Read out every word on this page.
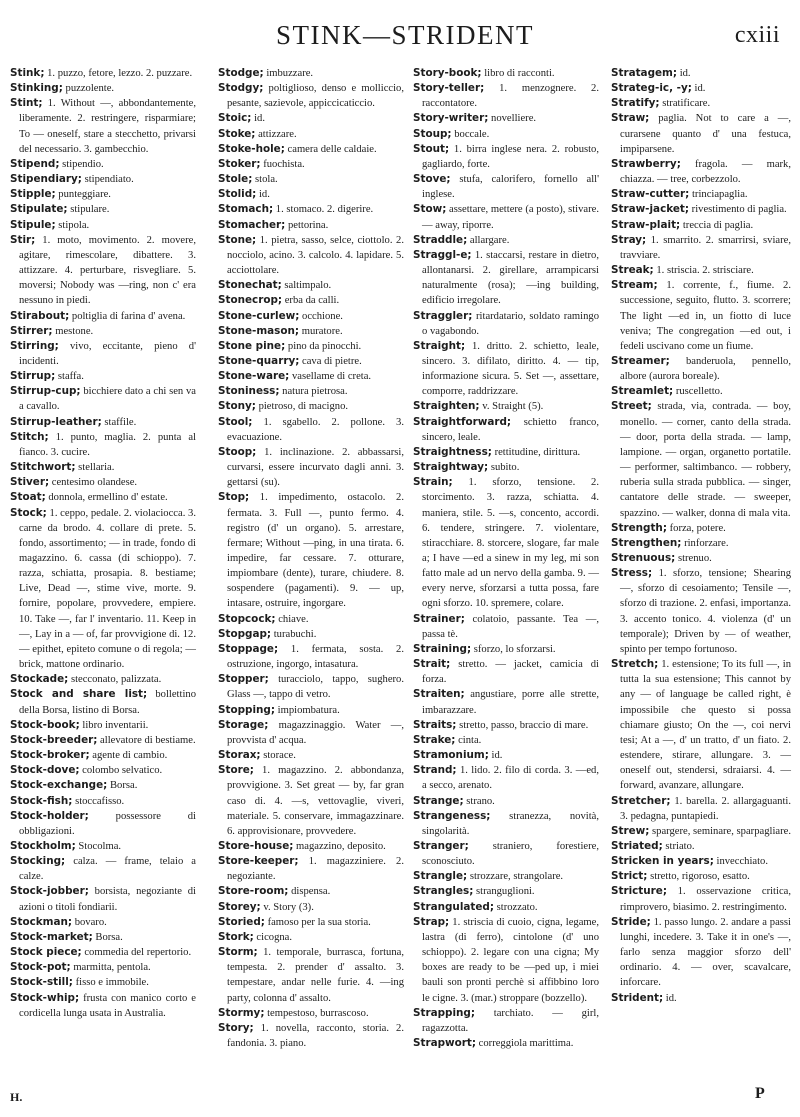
STINK—STRIDENT	cxiii

Stink; 1. puzzo, fetore, lezzo. 2. puzzare.

Stinking; puzzolente.

Stint; 1. Without —, abbondantemente, liberamente. 2. restringere, risparmiare; To — oneself, stare a stecchetto, privarsi del necessario. 3. gambecchio.

Stipend; stipendio.

Stipendiary; stipendiato.

Stipple; punteggiare.

Stipulate; stipulare.

Stipule; stipola.

Stir; 1. moto, movimento. 2. movere, agitare, rimescolare, dibattere. 3. attizzare. 4. perturbare, risvegliare. 5. moversi; Nobody was —ring, non c' era nessuno in piedi.

Stirabout; poltiglia di farina d' avena.

Stirrer; mestone.

Stirring; vivo, eccitante, pieno d' incidenti.

Stirrup; staffa.

Stirrup-cup; bicchiere dato a chi sen va a cavallo.

Stirrup-leather; staffile.

Stitch; 1. punto, maglia. 2. punta al fianco. 3. cucire.

Stitchwort; stellaria.

Stiver; centesimo olandese.

Stoat; donnola, ermellino d' estate.

Stock; 1. ceppo, pedale. 2. violaciocca. 3. carne da brodo. 4. collare di prete. 5. fondo, assortimento; — in trade, fondo di magazzino. 6. cassa (di schioppo). 7. razza, schiatta, prosapia. 8. bestiame; Live, Dead —, stime vive, morte. 9. fornire, popolare, provvedere, empiere. 10. Take —, far l' inventario. 11. Keep in —, Lay in a — of, far provvigione di. 12. — epithet, epiteto comune o di regola; — brick, mattone ordinario.

Stockade; stecconato, palizzata.

Stock and share list; bollettino della Borsa, listino di Borsa.

Stock-book; libro inventarii.

Stock-breeder; allevatore di bestiame.

Stock-broker; agente di cambio.

Stock-dove; colombo selvatico.

Stock-exchange; Borsa.

Stock-fish; stoccafisso.

Stock-holder; possessore di obbligazioni.

Stockholm; Stocolma.

Stocking; calza. — frame, telaio a calze.

Stock-jobber; borsista, negoziante di azioni o titoli fondiarii.

Stockman; bovaro.

Stock-market; Borsa.

Stock piece; commedia del repertorio.

Stock-pot; marmitta, pentola.

Stock-still; fisso e immobile.

Stock-whip; frusta con manico corto e cordicella lunga usata in Australia.

Stodge; imbuzzare.

Stodgy; poltiglioso, denso e molliccio, pesante, sazievole, appiccicaticcio.

Stoic; id.

Stoke; attizzare.

Stoke-hole; camera delle caldaie.

Stoker; fuochista.

Stole; stola.

Stolid; id.

Stomach; 1. stomaco. 2. digerire.

Stomacher; pettorina.

Stone; 1. pietra, sasso, selce, ciottolo. 2. nocciolo, acino. 3. calcolo. 4. lapidare. 5. acciottolare.

Stonechat; saltimpalo.

Stonecrop; erba da calli.

Stone-curlew; occhione.

Stone-mason; muratore.

Stone pine; pino da pinocchi.

Stone-quarry; cava di pietre.

Stone-ware; vasellame di creta.

Stoniness; natura pietrosa.

Stony; pietroso, di macigno.

Stool; 1. sgabello. 2. pollone. 3. evacuazione.

Stoop; 1. inclinazione. 2. abbassarsi, curvarsi, essere incurvato dagli anni. 3. gettarsi (su).

Stop; 1. impedimento, ostacolo. 2. fermata. 3. Full —, punto fermo. 4. registro (d' un organo). 5. arrestare, fermare; Without —ping, in una tirata. 6. impedire, far cessare. 7. otturare, impiombare (dente), turare, chiudere. 8. sospendere (pagamenti). 9. — up, intasare, ostruire, ingorgare.

Stopcock; chiave.

Stopgap; turabuchi.

Stoppage; 1. fermata, sosta. 2. ostruzione, ingorgo, intasatura.

Stopper; turacciolo, tappo, sughero. Glass —, tappo di vetro.

Stopping; impiombatura.

Storage; magazzinaggio. Water —, provvista d' acqua.

Storax; storace.

Store; 1. magazzino. 2. abbondanza, provvigione. 3. Set great — by, far gran caso di. 4. —s, vettovaglie, viveri, materiale. 5. conservare, immagazzinare. 6. approvisionare, provvedere.

Store-house; magazzino, deposito.

Store-keeper; 1. magazziniere. 2. negoziante.

Store-room; dispensa.

Storey; v. Story (3).

Storied; famoso per la sua storia.

Stork; cicogna.

Storm; 1. temporale, burrasca, fortuna, tempesta. 2. prender d' assalto. 3. tempestare, andar nelle furie. 4. —ing party, colonna d' assalto.

Stormy; tempestoso, burrascoso.

Story; 1. novella, racconto, storia. 2. fandonia. 3. piano.

Story-book; libro di racconti.

Story-teller; 1. menzognere. 2. raccontatore.

Story-writer; novelliere.

Stoup; boccale.

Stout; 1. birra inglese nera. 2. robusto, gagliardo, forte.

Stove; stufa, calorifero, fornello all' inglese.

Stow; assettare, mettere (a posto), stivare. — away, riporre.

Straddle; allargare.

Straggl-e; 1. staccarsi, restare in dietro, allontanarsi. 2. girellare, arrampicarsi naturalmente (rosa); —ing building, edificio irregolare.

Straggler; ritardatario, soldato ramingo o vagabondo.

Straight; 1. dritto. 2. schietto, leale, sincero. 3. difilato, diritto. 4. — tip, informazione sicura. 5. Set —, assettare, comporre, raddrizzare.

Straighten; v. Straight (5).

Straightforward; schietto franco, sincero, leale.

Straightness; rettitudine, dirittura.

Straightway; subito.

Strain; 1. sforzo, tensione. 2. storcimento. 3. razza, schiatta. 4. maniera, stile. 5. —s, concento, accordi. 6. tendere, stringere. 7. violentare, stiracchiare. 8. storcere, slogare, far male a; I have —ed a sinew in my leg, mi son fatto male ad un nervo della gamba. 9. — every nerve, sforzarsi a tutta possa, fare ogni sforzo. 10. spremere, colare.

Strainer; colatoio, passante. Tea —, passa tè.

Straining; sforzo, lo sforzarsi.

Strait; stretto. — jacket, camicia di forza.

Straiten; angustiare, porre alle strette, imbarazzare.

Straits; stretto, passo, braccio di mare.

Strake; cinta.

Stramonium; id.

Strand; 1. lido. 2. filo di corda. 3. —ed, a secco, arenato.

Strange; strano.

Strangeness; stranezza, novità, singolarità.

Stranger; straniero, forestiere, sconosciuto.

Strangle; strozzare, strangolare.

Strangles; stranguglioni.

Strangulated; strozzato.

Strap; 1. striscia di cuoio, cigna, legame, lastra (di ferro), cintolone (d' uno schioppo). 2. legare con una cigna; My boxes are ready to be —ped up, i miei bauli son pronti perchè si affibbino loro le cigne. 3. (mar.) stroppare (bozzello).

Strapping; tarchiato. — girl, ragazzotta.

Strapwort; correggiola marittima.

Stratagem; id.

Strateg-ic, -y; id.

Stratify; stratificare.

Straw; paglia. Not to care a —, curarsene quanto d' una festuca, impiparsene.

Strawberry; fragola. — mark, chiazza. — tree, corbezzolo.

Straw-cutter; trinciapaglia.

Straw-jacket; rivestimento di paglia.

Straw-plait; treccia di paglia.

Stray; 1. smarrito. 2. smarrirsi, sviare, travviare.

Streak; 1. striscia. 2. strisciare.

Stream; 1. corrente, f., fiume. 2. successione, seguito, flutto. 3. scorrere; The light —ed in, un fiotto di luce veniva; The congregation —ed out, i fedeli uscivano come un fiume.

Streamer; banderuola, pennello, albore (aurora boreale).

Streamlet; ruscelletto.

Street; strada, via, contrada. — boy, monello. — corner, canto della strada. — door, porta della strada. — lamp, lampione. — organ, organetto portatile. — performer, saltimbanco. — robbery, ruberia sulla strada pubblica. — singer, cantatore delle strade. — sweeper, spazzino. — walker, donna di mala vita.

Strength; forza, potere.

Strengthen; rinforzare.

Strenuous; strenuo.

Stress; 1. sforzo, tensione; Shearing —, sforzo di cesoiamento; Tensile —, sforzo di trazione. 2. enfasi, importanza. 3. accento tonico. 4. violenza (d' un temporale); Driven by — of weather, spinto per tempo fortunoso.

Stretch; 1. estensione; To its full —, in tutta la sua estensione; This cannot by any — of language be called right, è impossibile che questo si possa chiamare giusto; On the —, coi nervi tesi; At a —, d' un tratto, d' un fiato. 2. estendere, stirare, allungare. 3. — oneself out, stendersi, sdraiarsi. 4. — forward, avanzare, allungare.

Stretcher; 1. barella. 2. allargaguanti. 3. pedagna, puntapiedi.

Strew; spargere, seminare, sparpagliare.

Striated; striato.

Stricken in years; invecchiato.

Strict; stretto, rigoroso, esatto.

Stricture; 1. osservazione critica, rimprovero, biasimo. 2. restringimento.

Stride; 1. passo lungo. 2. andare a passi lunghi, incedere. 3. Take it in one's —, farlo senza maggior sforzo dell' ordinario. 4. — over, scavalcare, inforcare.

Strident; id.

H.	P
